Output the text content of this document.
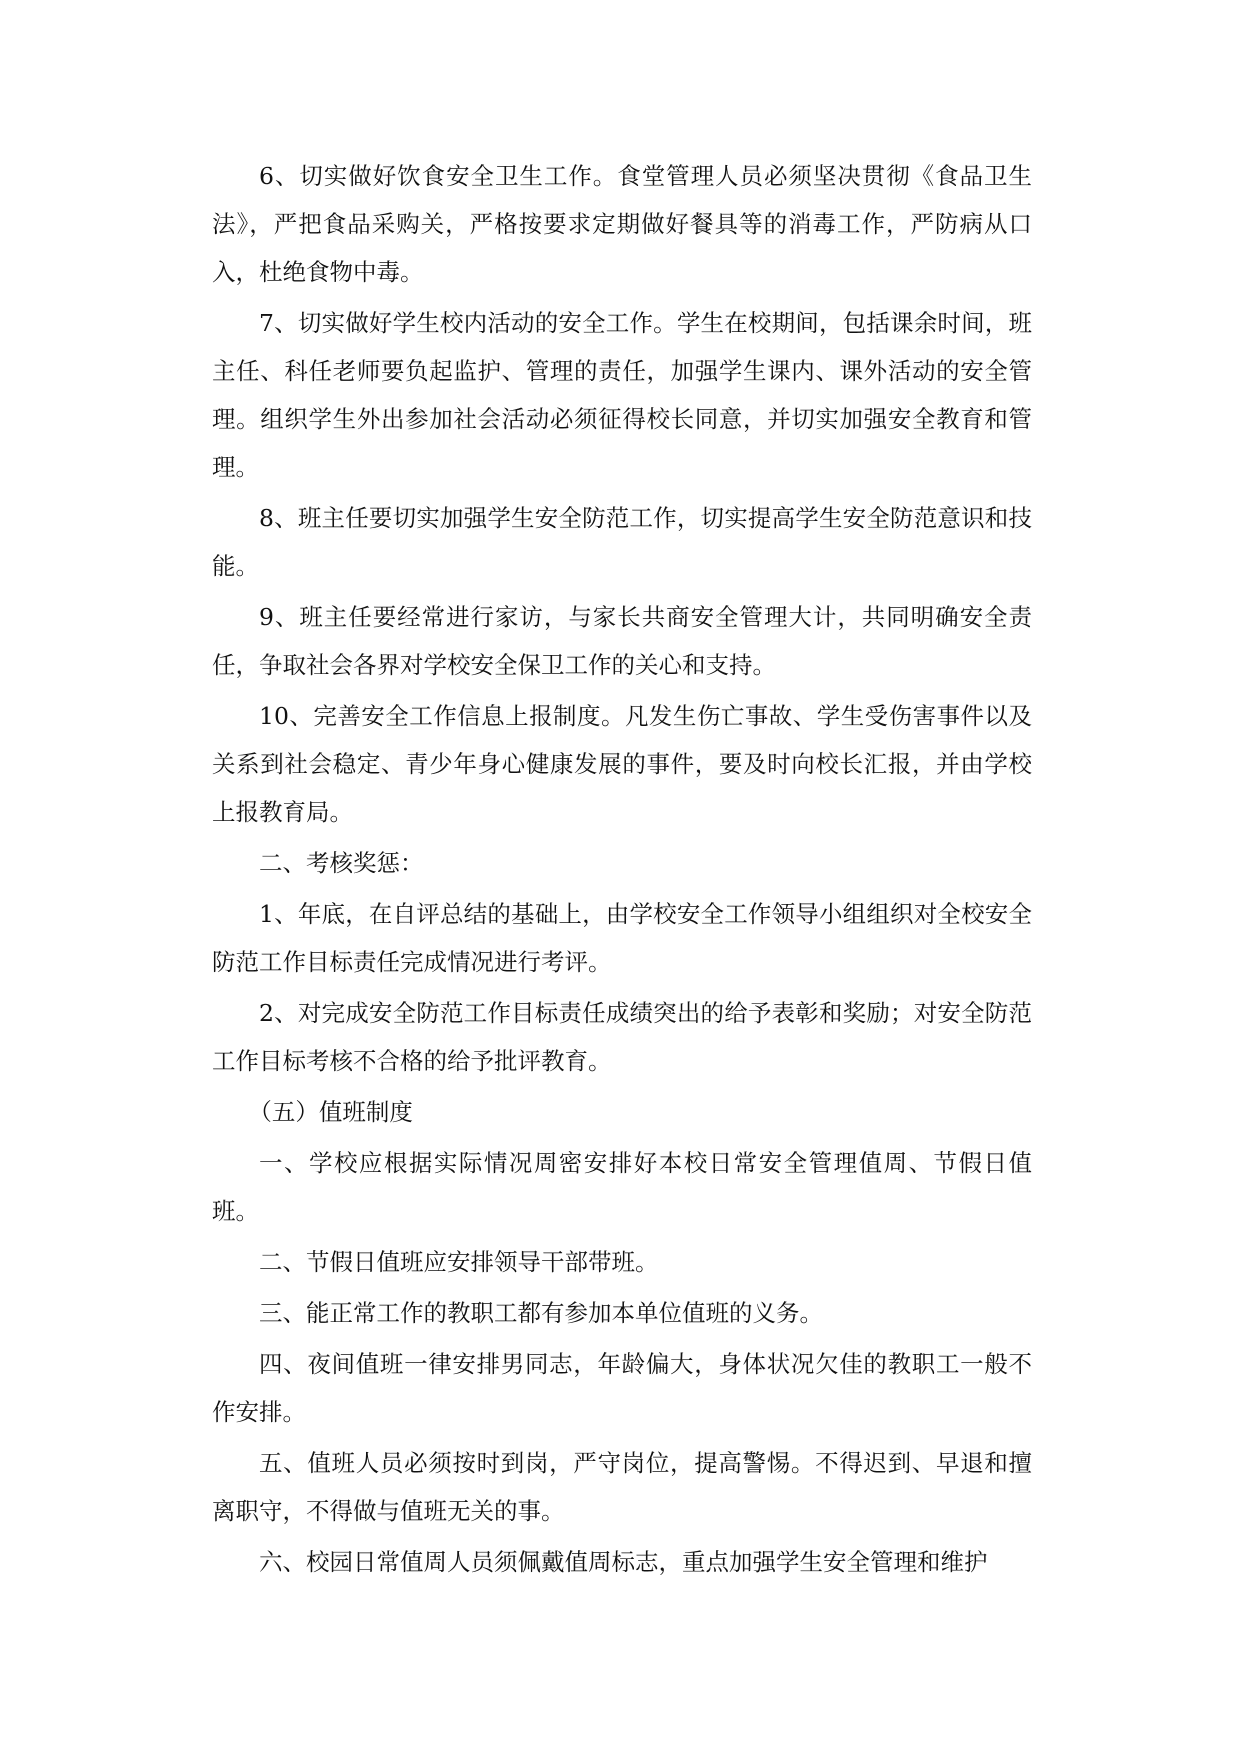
6、切实做好饮食安全卫生工作。食堂管理人员必须坚决贯彻《食品卫生法》，严把食品采购关，严格按要求定期做好餐具等的消毒工作，严防病从口入，杜绝食物中毒。

7、切实做好学生校内活动的安全工作。学生在校期间，包括课余时间，班主任、科任老师要负起监护、管理的责任，加强学生课内、课外活动的安全管理。组织学生外出参加社会活动必须征得校长同意，并切实加强安全教育和管理。

8、班主任要切实加强学生安全防范工作，切实提高学生安全防范意识和技能。

9、班主任要经常进行家访，与家长共商安全管理大计，共同明确安全责任，争取社会各界对学校安全保卫工作的关心和支持。

10、完善安全工作信息上报制度。凡发生伤亡事故、学生受伤害事件以及关系到社会稳定、青少年身心健康发展的事件，要及时向校长汇报，并由学校上报教育局。

二、考核奖惩：

1、年底，在自评总结的基础上，由学校安全工作领导小组组织对全校安全防范工作目标责任完成情况进行考评。

2、对完成安全防范工作目标责任成绩突出的给予表彰和奖励；对安全防范工作目标考核不合格的给予批评教育。

（五）值班制度

一、学校应根据实际情况周密安排好本校日常安全管理值周、节假日值班。

二、节假日值班应安排领导干部带班。

三、能正常工作的教职工都有参加本单位值班的义务。

四、夜间值班一律安排男同志，年龄偏大，身体状况欠佳的教职工一般不作安排。

五、值班人员必须按时到岗，严守岗位，提高警惕。不得迟到、早退和擅离职守，不得做与值班无关的事。

六、校园日常值周人员须佩戴值周标志，重点加强学生安全管理和维护
